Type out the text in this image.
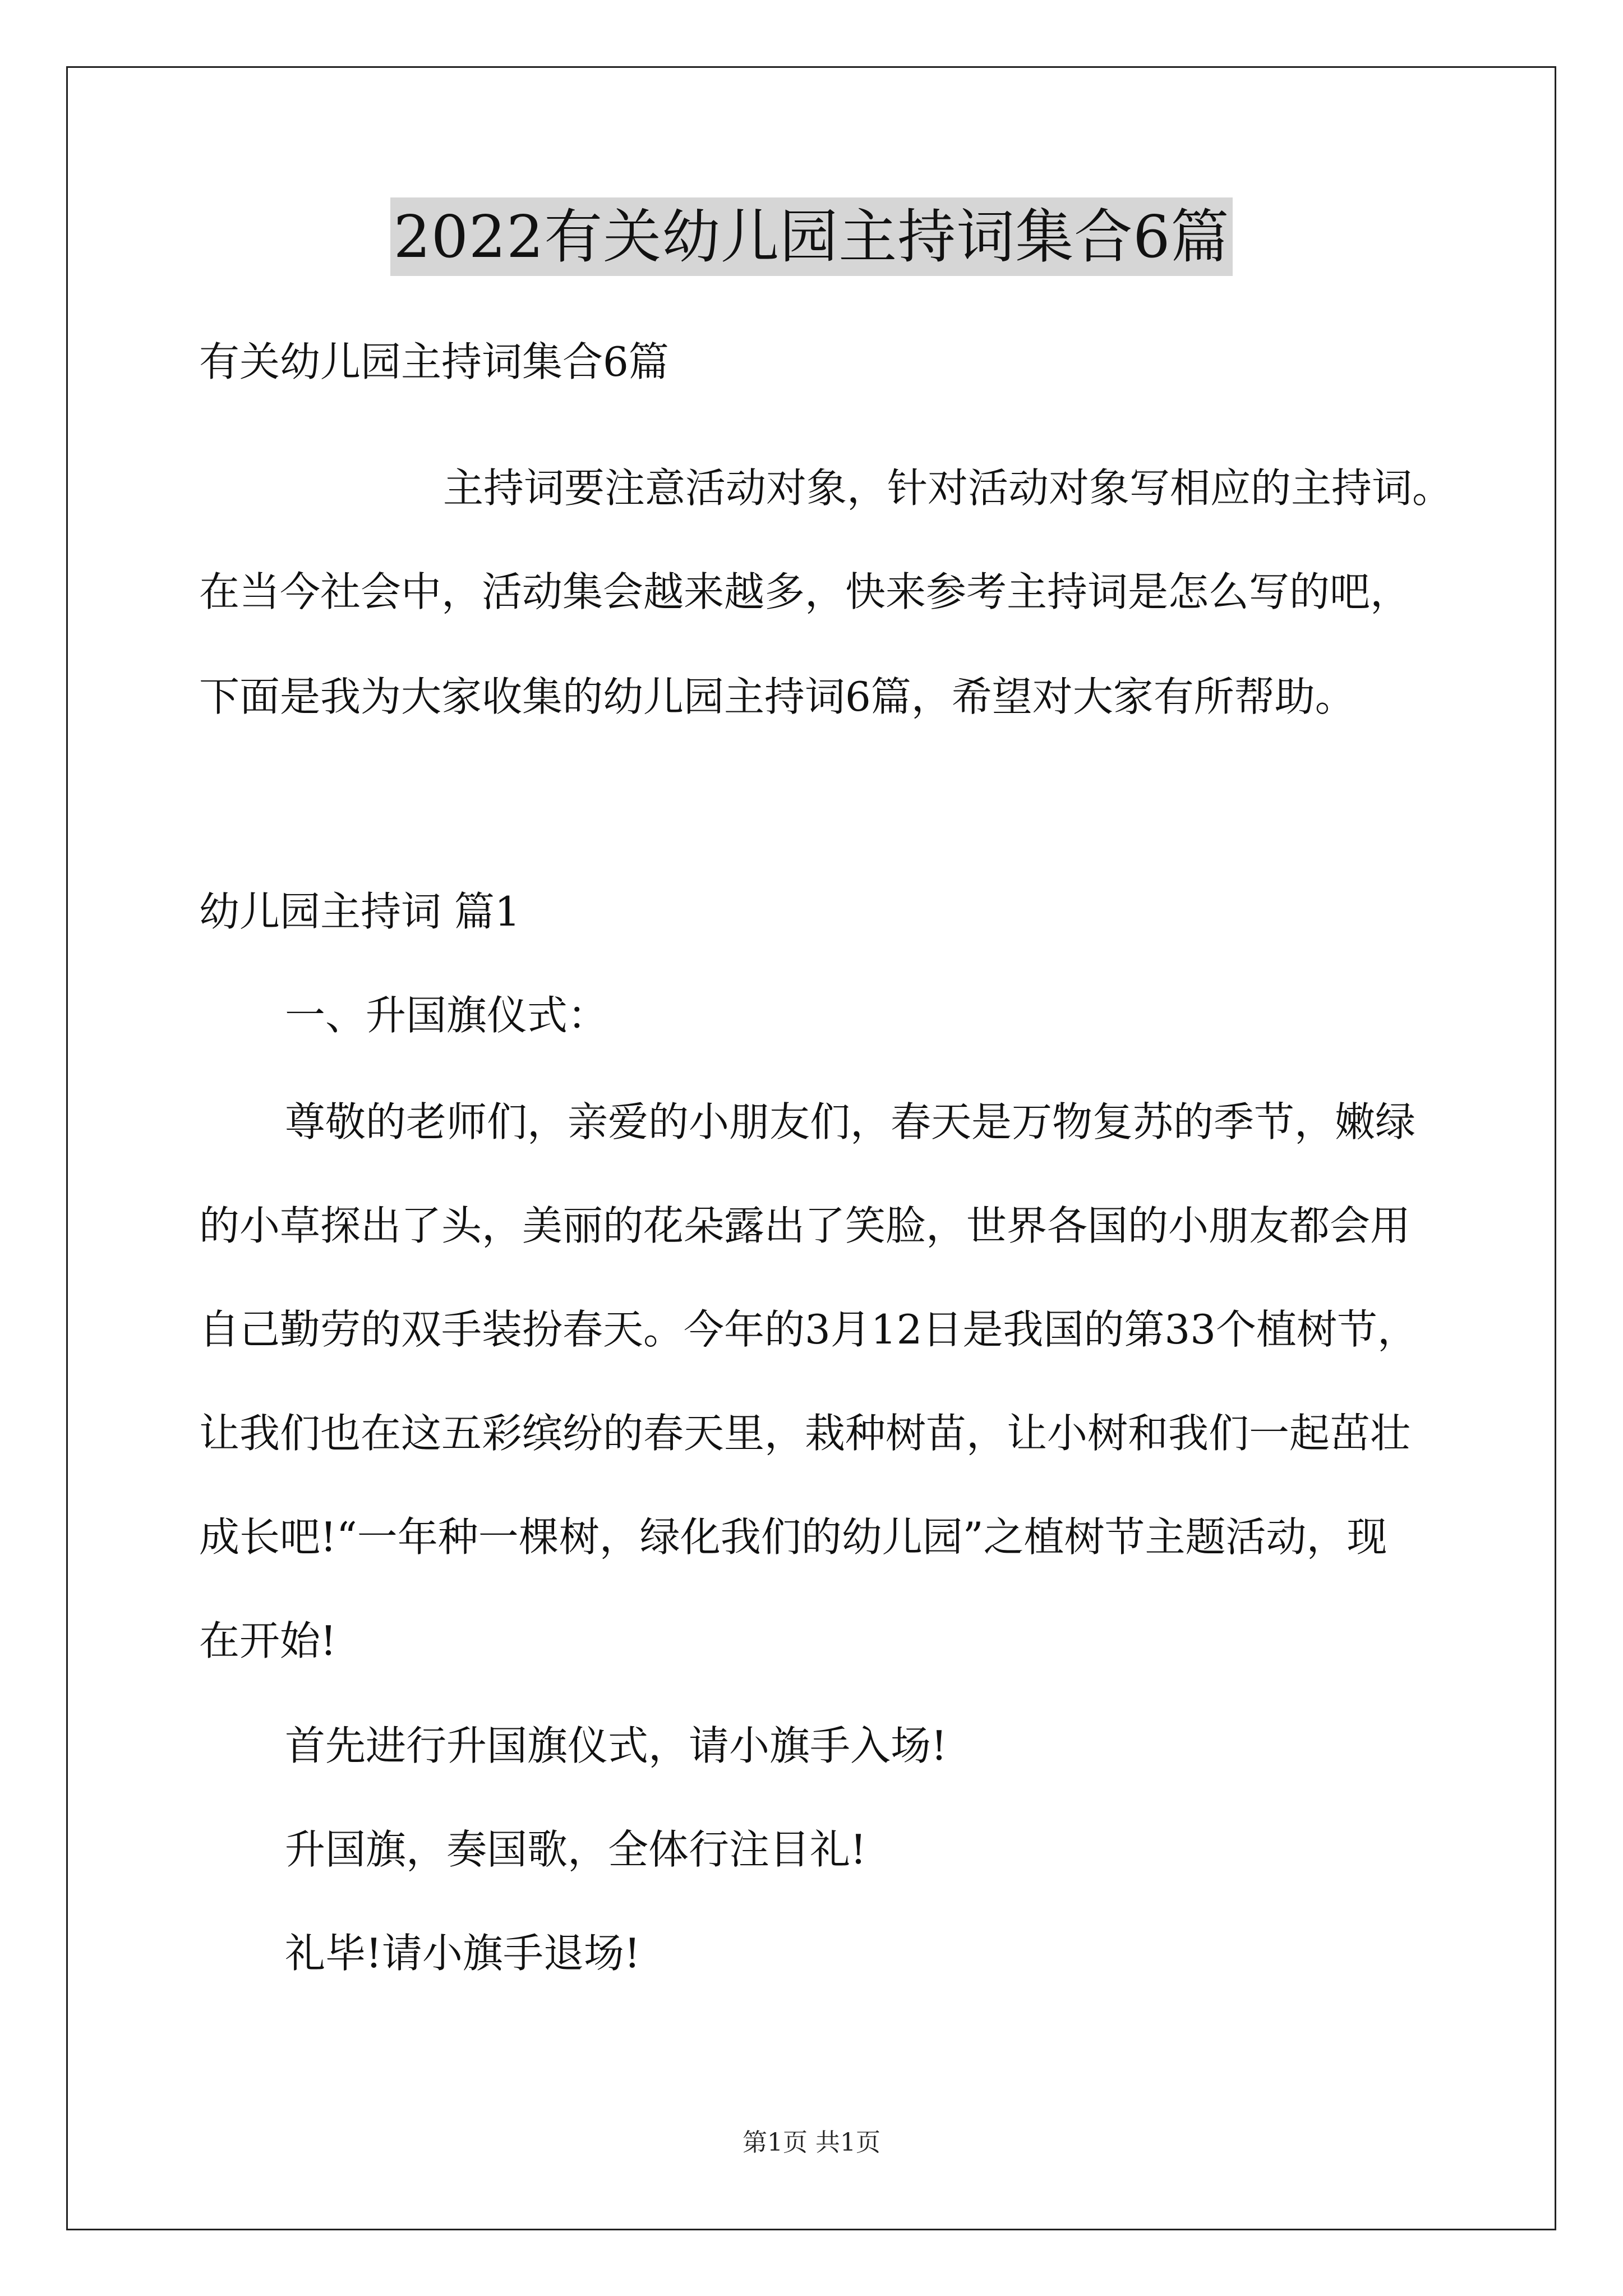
2022有关幼儿园主持词集合6篇
有关幼儿园主持词集合6篇
主持词要注意活动对象，针对活动对象写相应的主持词。
在当今社会中，活动集会越来越多，快来参考主持词是怎么写的吧，
下面是我为大家收集的幼儿园主持词6篇，希望对大家有所帮助。
幼儿园主持词 篇1
一、升国旗仪式：
尊敬的老师们，亲爱的小朋友们，春天是万物复苏的季节，嫩绿
的小草探出了头，美丽的花朵露出了笑脸，世界各国的小朋友都会用
自己勤劳的双手装扮春天。今年的3月12日是我国的第33个植树节，
让我们也在这五彩缤纷的春天里，栽种树苗，让小树和我们一起茁壮
成长吧!“一年种一棵树，绿化我们的幼儿园”之植树节主题活动，现
在开始!
首先进行升国旗仪式，请小旗手入场!
升国旗，奏国歌，全体行注目礼!
礼毕!请小旗手退场!
第1页 共1页
